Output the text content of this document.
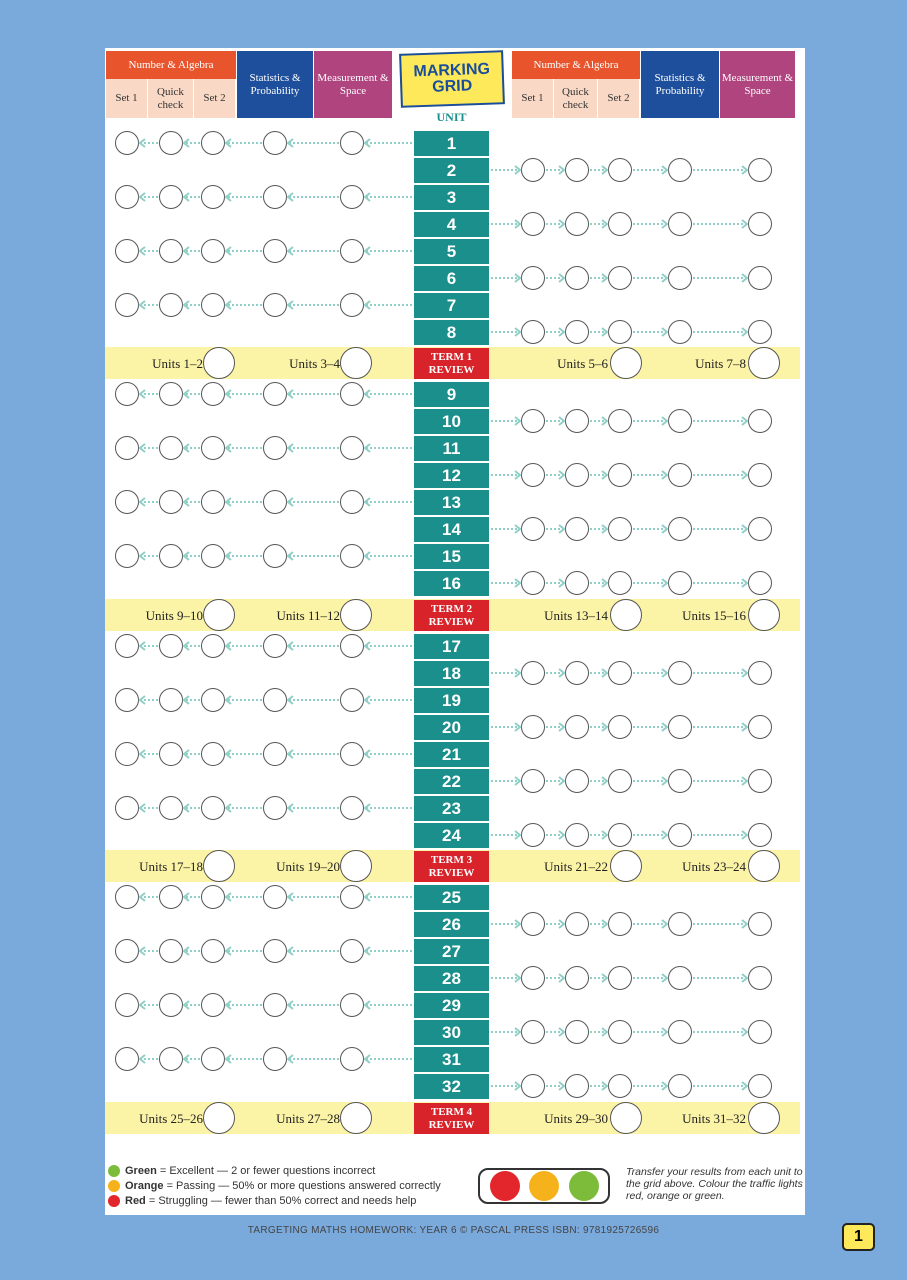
Number & Algebra
Set 1
Quick check
Set 2
Statistics & Probability
Measurement & Space
MARKING
GRID
UNIT
Number & Algebra
Set 1
Quick check
Set 2
Statistics & Probability
Measurement & Space
1
2
3
4
5
6
7
8
TERM 1
REVIEW
Units 1–2	Units 3–4	Units 5–6	Units 7–8
9
10
11
12
13
14
15
16
TERM 2
REVIEW
Units 9–10	Units 11–12	Units 13–14	Units 15–16
17
18
19
20
21
22
23
24
TERM 3
REVIEW
Units 17–18	Units 19–20	Units 21–22	Units 23–24
25
26
27
28
29
30
31
32
TERM 4
REVIEW
Units 25–26	Units 27–28	Units 29–30	Units 31–32
Green = Excellent — 2 or fewer questions incorrect
Orange = Passing — 50% or more questions answered correctly
Red = Struggling — fewer than 50% correct and needs help
Transfer your results from each unit to the grid above. Colour the traffic lights red, orange or green.
TARGETING MATHS HOMEWORK: YEAR 6 © PASCAL PRESS ISBN: 9781925726596	1
